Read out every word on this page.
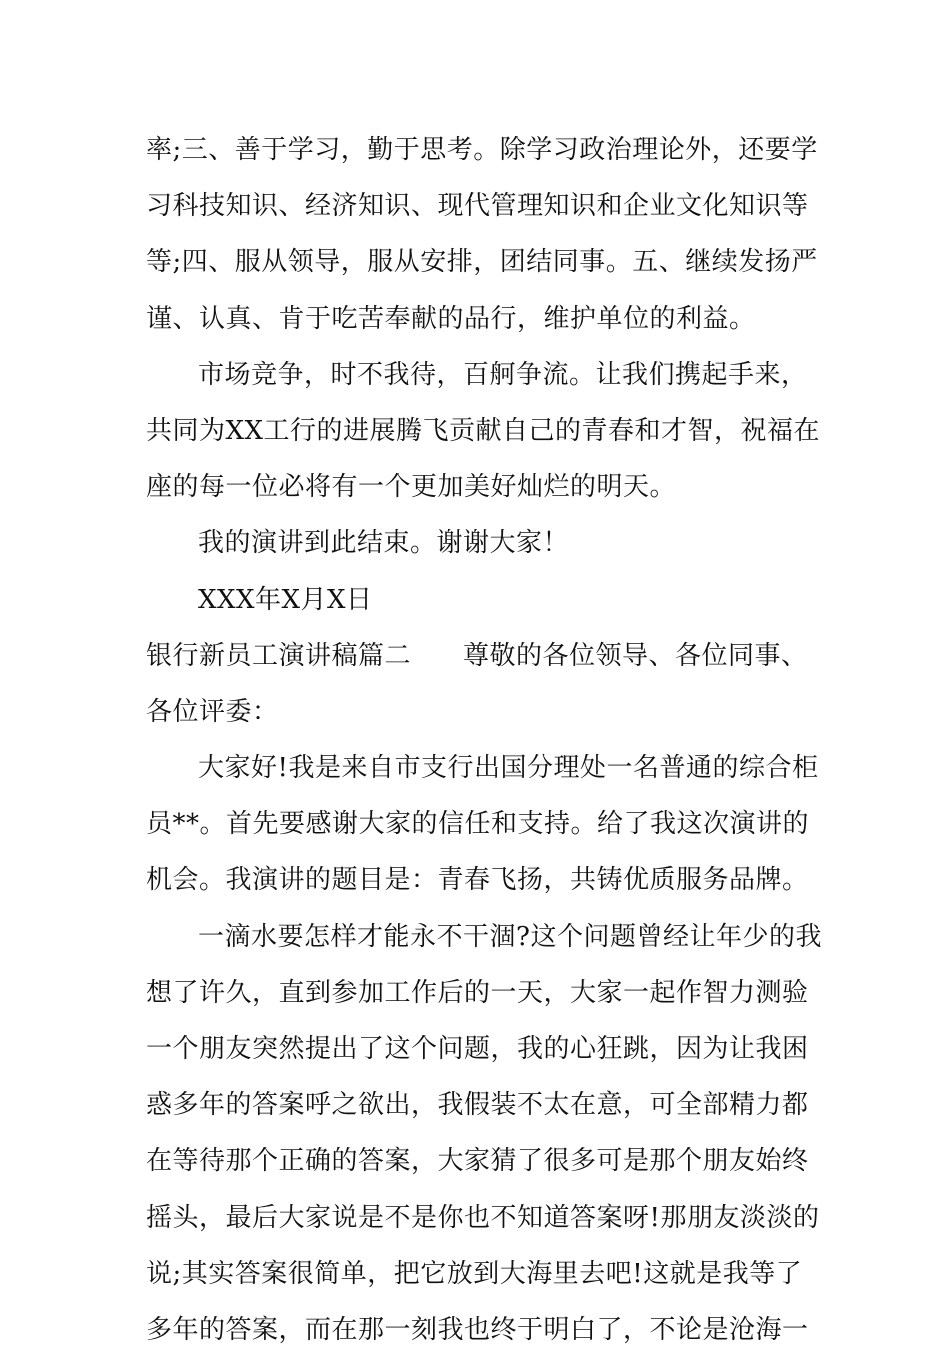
率;三、善于学习，勤于思考。除学习政治理论外，还要学
习科技知识、经济知识、现代管理知识和企业文化知识等
等;四、服从领导，服从安排，团结同事。五、继续发扬严
谨、认真、肯于吃苦奉献的品行，维护单位的利益。
市场竞争，时不我待，百舸争流。让我们携起手来，
共同为XX工行的进展腾飞贡献自己的青春和才智，祝福在
座的每一位必将有一个更加美好灿烂的明天。
我的演讲到此结束。谢谢大家！
XXX年X月X日
银行新员工演讲稿篇二 尊敬的各位领导、各位同事、
各位评委：
大家好!我是来自市支行出国分理处一名普通的综合柜
员**。首先要感谢大家的信任和支持。给了我这次演讲的
机会。我演讲的题目是：青春飞扬，共铸优质服务品牌。
一滴水要怎样才能永不干涸?这个问题曾经让年少的我
想了许久，直到参加工作后的一天，大家一起作智力测验
一个朋友突然提出了这个问题，我的心狂跳，因为让我困
惑多年的答案呼之欲出，我假装不太在意，可全部精力都
在等待那个正确的答案，大家猜了很多可是那个朋友始终
摇头，最后大家说是不是你也不知道答案呀!那朋友淡淡的
说;其实答案很简单，把它放到大海里去吧!这就是我等了
多年的答案，而在那一刻我也终于明白了，不论是沧海一
